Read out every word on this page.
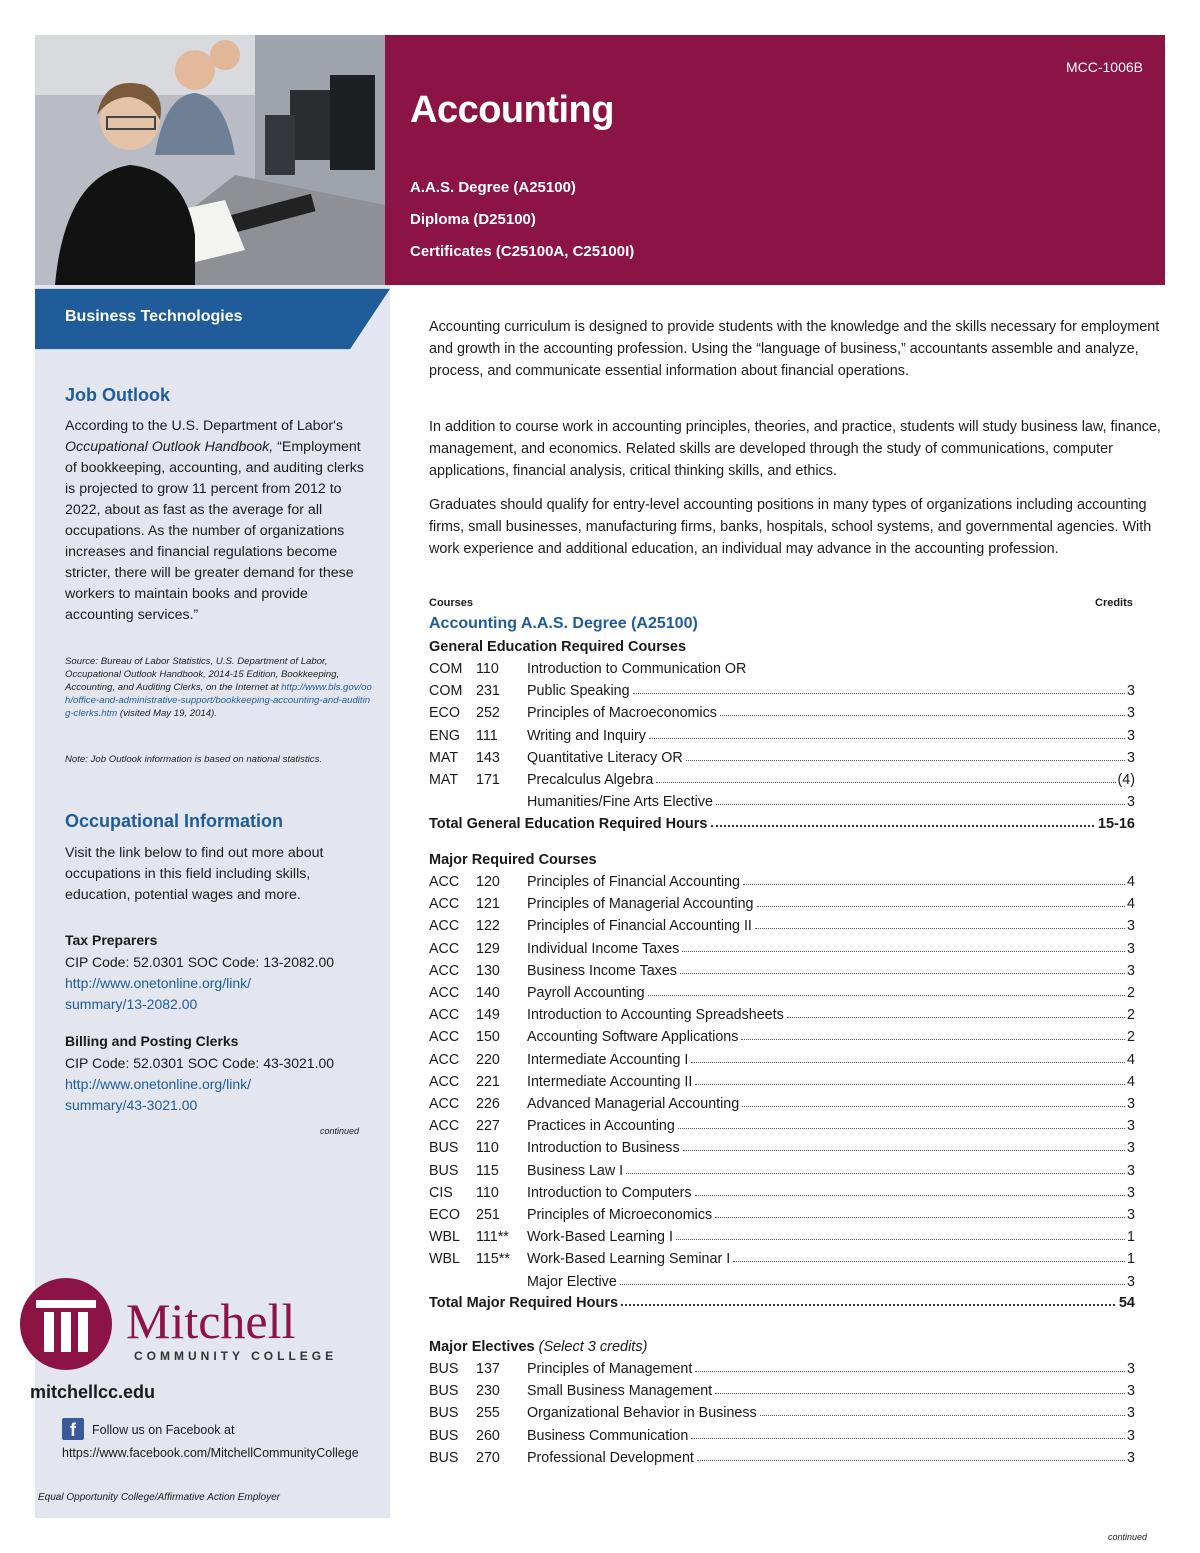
MCC-1006B
Accounting
A.A.S. Degree (A25100)
Diploma (D25100)
Certificates (C25100A, C25100I)
Business Technologies
Job Outlook
According to the U.S. Department of Labor's Occupational Outlook Handbook, “Employment of bookkeeping, accounting, and auditing clerks is projected to grow 11 percent from 2012 to 2022, about as fast as the average for all occupations. As the number of organizations increases and financial regulations become stricter, there will be greater demand for these workers to maintain books and provide accounting services.”
Source: Bureau of Labor Statistics, U.S. Department of Labor, Occupational Outlook Handbook, 2014-15 Edition, Bookkeeping, Accounting, and Auditing Clerks, on the Internet at http://www.bls.gov/ooh/office-and-administrative-support/bookkeeping-accounting-and-auditing-clerks.htm (visited May 19, 2014).
Note: Job Outlook information is based on national statistics.
Occupational Information
Visit the link below to find out more about occupations in this field including skills, education, potential wages and more.
Tax Preparers
CIP Code: 52.0301 SOC Code: 13-2082.00
http://www.onetonline.org/link/
summary/13-2082.00
Billing and Posting Clerks
CIP Code: 52.0301 SOC Code: 43-3021.00
http://www.onetonline.org/link/
summary/43-3021.00
continued
Mitchell
COMMUNITY COLLEGE
mitchellcc.edu
f	Follow us on Facebook at
https://www.facebook.com/MitchellCommunityCollege
Equal Opportunity College/Affirmative Action Employer
Accounting curriculum is designed to provide students with the knowledge and the skills necessary for employment and growth in the accounting profession. Using the “language of business,” accountants assemble and analyze, process, and communicate essential information about financial operations.
In addition to course work in accounting principles, theories, and practice, students will study business law, finance, management, and economics. Related skills are developed through the study of communications, computer applications, financial analysis, critical thinking skills, and ethics.
Graduates should qualify for entry-level accounting positions in many types of organizations including accounting firms, small businesses, manufacturing firms, banks, hospitals, school systems, and governmental agencies. With work experience and additional education, an individual may advance in the accounting profession.
Courses	Credits
Accounting A.A.S. Degree (A25100)
General Education Required Courses
COM 110 Introduction to Communication OR
COM 231 Public Speaking	3
ECO 252 Principles of Macroeconomics	3
ENG 111 Writing and Inquiry	3
MAT 143 Quantitative Literacy OR	3
MAT 171 Precalculus Algebra	(4)
Humanities/Fine Arts Elective	3
Total General Education Required Hours	15-16
Major Required Courses
ACC 120 Principles of Financial Accounting	4
ACC 121 Principles of Managerial Accounting	4
ACC 122 Principles of Financial Accounting II	3
ACC 129 Individual Income Taxes	3
ACC 130 Business Income Taxes	3
ACC 140 Payroll Accounting	2
ACC 149 Introduction to Accounting Spreadsheets	2
ACC 150 Accounting Software Applications	2
ACC 220 Intermediate Accounting I	4
ACC 221 Intermediate Accounting II	4
ACC 226 Advanced Managerial Accounting	3
ACC 227 Practices in Accounting	3
BUS 110 Introduction to Business	3
BUS 115 Business Law I	3
CIS 110 Introduction to Computers	3
ECO 251 Principles of Microeconomics	3
WBL 111** Work-Based Learning I	1
WBL 115** Work-Based Learning Seminar I	1
Major Elective	3
Total Major Required Hours	54
Major Electives (Select 3 credits)
BUS 137 Principles of Management	3
BUS 230 Small Business Management	3
BUS 255 Organizational Behavior in Business	3
BUS 260 Business Communication	3
BUS 270 Professional Development	3
continued
